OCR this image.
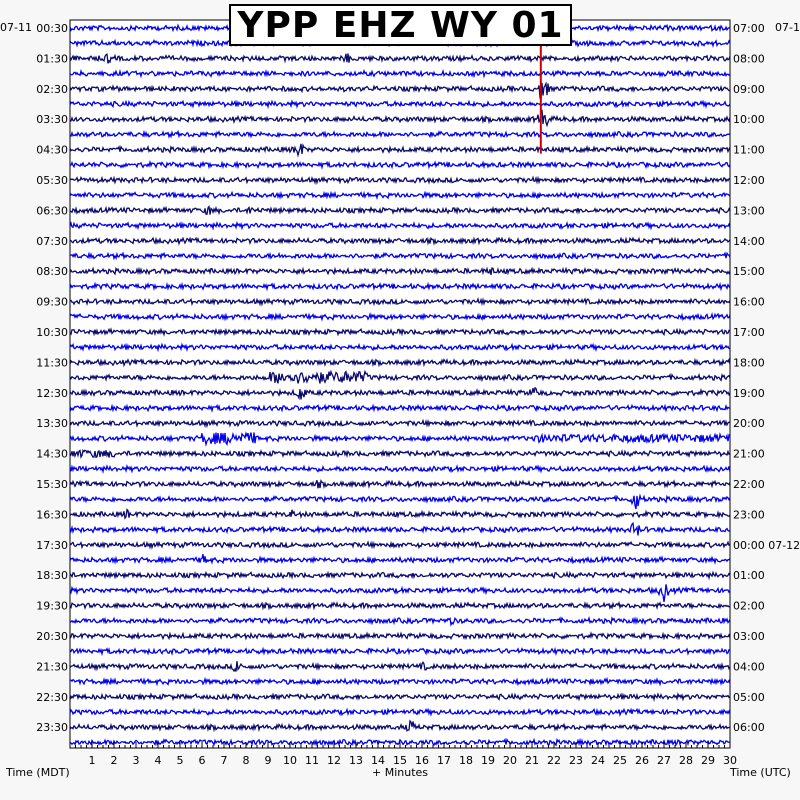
00:30
01:30
02:30
03:30
04:30
05:30
06:30
07:30
08:30
09:30
10:30
11:30
12:30
13:30
14:30
15:30
16:30
17:30
18:30
19:30
20:30
21:30
22:30
23:30
07:00
08:00
09:00
10:00
11:00
12:00
13:00
14:00
15:00
16:00
17:00
18:00
19:00
20:00
21:00
22:00
23:00
00:00 07-12
01:00
02:00
03:00
04:00
05:00
06:00
1 2 3 4 5 6 7 8 9 10 11 12 13 14 15 16 17 18 19 20 21 22 23 24 25 26 27 28 29 30
07-11	07-1
Time (MDT)	+ Minutes	Time (UTC)
YPP EHZ WY 01
